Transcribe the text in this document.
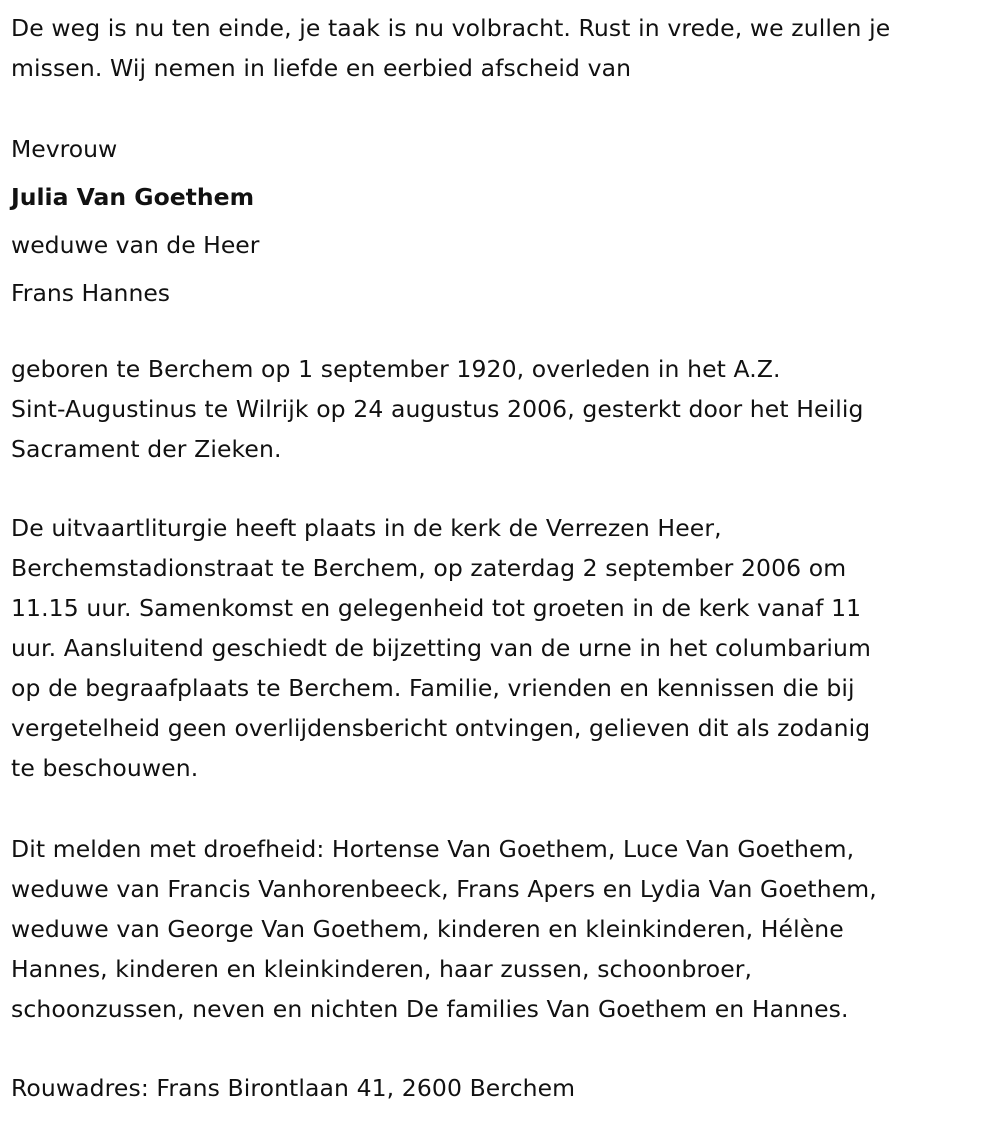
De weg is nu ten einde, je taak is nu volbracht. Rust in vrede, we zullen je
missen. Wij nemen in liefde en eerbied afscheid van

Mevrouw

Julia Van Goethem

weduwe van de Heer

Frans Hannes

geboren te Berchem op 1 september 1920, overleden in het A.Z.
Sint-Augustinus te Wilrijk op 24 augustus 2006, gesterkt door het Heilig
Sacrament der Zieken.

De uitvaartliturgie heeft plaats in de kerk de Verrezen Heer,
Berchemstadionstraat te Berchem, op zaterdag 2 september 2006 om
11.15 uur. Samenkomst en gelegenheid tot groeten in de kerk vanaf 11
uur. Aansluitend geschiedt de bijzetting van de urne in het columbarium
op de begraafplaats te Berchem. Familie, vrienden en kennissen die bij
vergetelheid geen overlijdensbericht ontvingen, gelieven dit als zodanig
te beschouwen.

Dit melden met droefheid: Hortense Van Goethem, Luce Van Goethem,
weduwe van Francis Vanhorenbeeck, Frans Apers en Lydia Van Goethem,
weduwe van George Van Goethem, kinderen en kleinkinderen, Hélène
Hannes, kinderen en kleinkinderen, haar zussen, schoonbroer,
schoonzussen, neven en nichten De families Van Goethem en Hannes.

Rouwadres: Frans Birontlaan 41, 2600 Berchem
